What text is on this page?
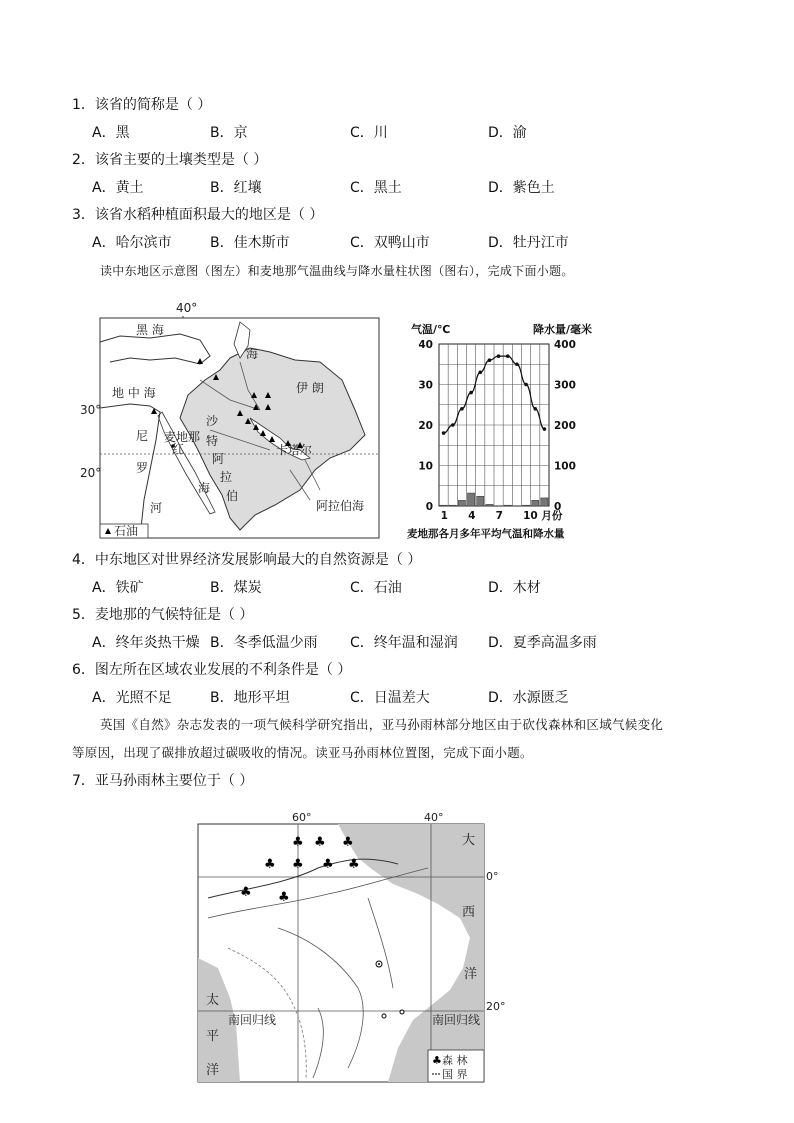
1．该省的简称是（ ）
A．黑	B．京	C．川	D．渝
2．该省主要的土壤类型是（ ）
A．黄土	B．红壤	C．黑土	D．紫色土
3．该省水稻种植面积最大的地区是（ ）
A．哈尔滨市	B．佳木斯市	C．双鸭山市	D．牡丹江市
读中东地区示意图（图左）和麦地那气温曲线与降水量柱状图（图右），完成下面小题。
40°
黑 海
海
地 中 海	伊 朗
沙
特
阿
拉
伯
尼
罗
河
麦地那
红	卡塔尔
海
阿拉伯海
30°
20°
石油
气温/℃	降水量/毫米
0
10
20
30
40
0
100
200
300
400
1 4 7 10 月份
麦地那各月多年平均气温和降水量
4．中东地区对世界经济发展影响最大的自然资源是（ ）
A．铁矿	B．煤炭	C．石油	D．木材
5．麦地那的气候特征是（ ）
A．终年炎热干燥 B．冬季低温少雨 C．终年温和湿润 D．夏季高温多雨
6．图左所在区域农业发展的不利条件是（ ）
A．光照不足	B．地形平坦	C．日温差大	D．水源匮乏
英国《自然》杂志发表的一项气候科学研究指出，亚马孙雨林部分地区由于砍伐森林和区域气候变化
等原因，出现了碳排放超过碳吸收的情况。读亚马孙雨林位置图，完成下面小题。
7．亚马孙雨林主要位于（ ）
60°	40°
♣ ♣ ♣
♣ ♣ ♣ ♣
♣ ♣
大
0°
西
洋
20°
太
平
洋
南回归线	南回归线
♣ 森 林
国 界
